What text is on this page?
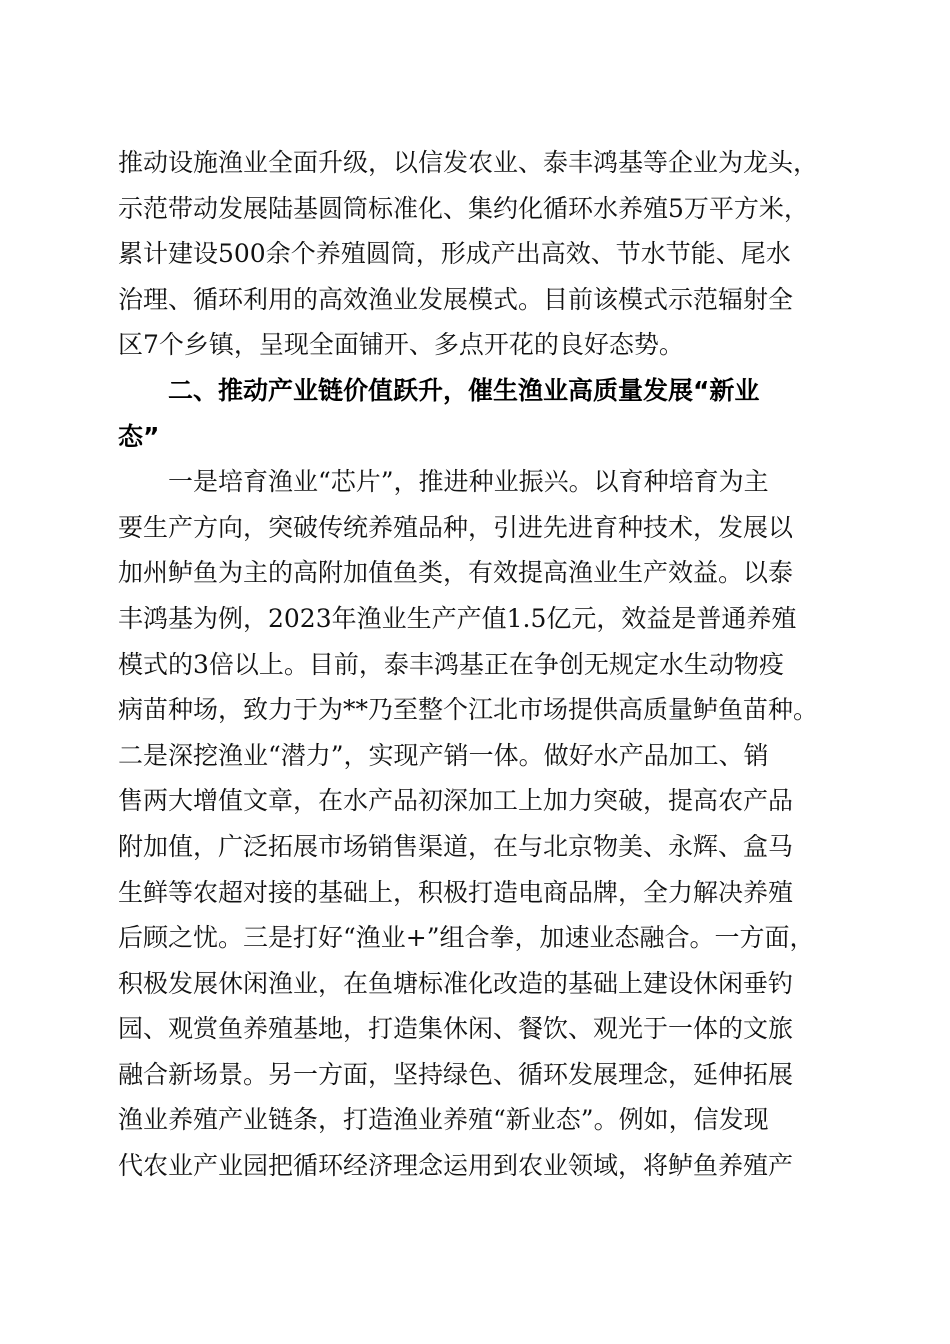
推动设施渔业全面升级，以信发农业、泰丰鸿基等企业为龙头，
示范带动发展陆基圆筒标准化、集约化循环水养殖5万平方米，
累计建设500余个养殖圆筒，形成产出高效、节水节能、尾水
治理、循环利用的高效渔业发展模式。目前该模式示范辐射全
区7个乡镇，呈现全面铺开、多点开花的良好态势。
二、推动产业链价值跃升，催生渔业高质量发展“新业
态”
一是培育渔业“芯片”，推进种业振兴。以育种培育为主
要生产方向，突破传统养殖品种，引进先进育种技术，发展以
加州鲈鱼为主的高附加值鱼类，有效提高渔业生产效益。以泰
丰鸿基为例，2023年渔业生产产值1.5亿元，效益是普通养殖
模式的3倍以上。目前，泰丰鸿基正在争创无规定水生动物疫
病苗种场，致力于为**乃至整个江北市场提供高质量鲈鱼苗种。
二是深挖渔业“潜力”，实现产销一体。做好水产品加工、销
售两大增值文章，在水产品初深加工上加力突破，提高农产品
附加值，广泛拓展市场销售渠道，在与北京物美、永辉、盒马
生鲜等农超对接的基础上，积极打造电商品牌，全力解决养殖
后顾之忧。三是打好“渔业+”组合拳，加速业态融合。一方面，
积极发展休闲渔业，在鱼塘标准化改造的基础上建设休闲垂钓
园、观赏鱼养殖基地，打造集休闲、餐饮、观光于一体的文旅
融合新场景。另一方面，坚持绿色、循环发展理念，延伸拓展
渔业养殖产业链条，打造渔业养殖“新业态”。例如，信发现
代农业产业园把循环经济理念运用到农业领域，将鲈鱼养殖产
